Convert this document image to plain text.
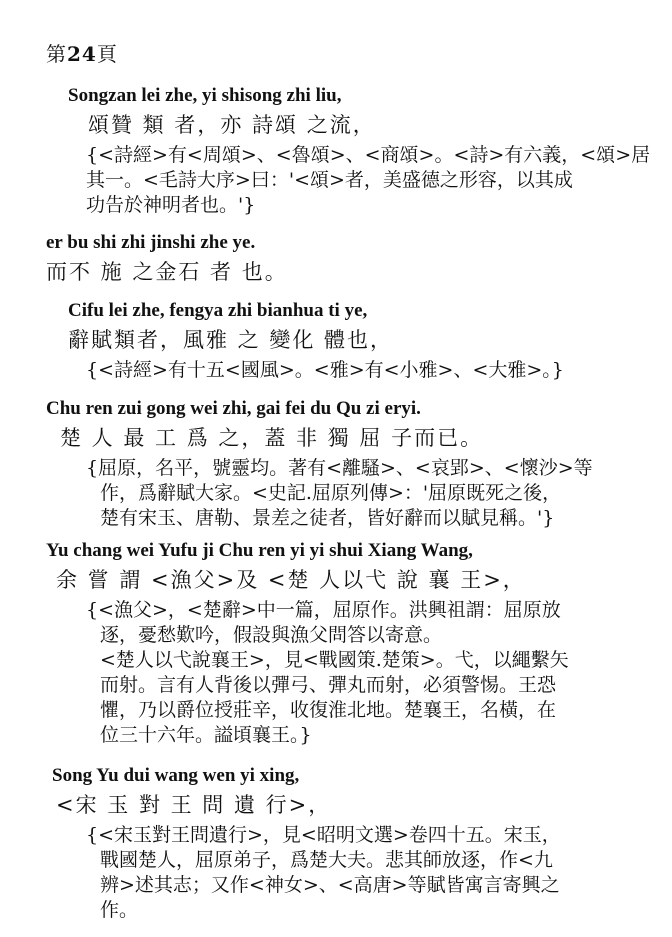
第24頁
Songzan lei zhe, yi shisong zhi liu,
頌贊 類 者，亦 詩頌 之流，

{<詩經>有<周頌>、<魯頌>、<商頌>。<詩>有六義，<頌>居

其一。<毛詩大序>曰：'<頌>者，美盛德之形容，以其成

功告於神明者也。'}

er bu shi zhi jinshi zhe ye.
而不 施 之金石 者 也。
Cifu lei zhe, fengya zhi bianhua ti ye,
辭賦類者，風雅 之 變化 體也，

{<詩經>有十五<國風>。<雅>有<小雅>、<大雅>。}

Chu ren zui gong wei zhi, gai fei du Qu zi eryi.
楚 人 最 工 爲 之，蓋 非 獨 屈 子而已。

{屈原，名平，號靈均。著有<離騷>、<哀郢>、<懷沙>等

作，爲辭賦大家。<史記.屈原列傳>：'屈原既死之後，

楚有宋玉、唐勒、景差之徒者，皆好辭而以賦見稱。'}

Yu chang wei Yufu ji Chu ren yi yi shui Xiang Wang,
余 嘗 謂 <漁父>及 <楚 人以弋 說 襄 王>，

{<漁父>，<楚辭>中一篇，屈原作。洪興祖謂：屈原放

逐，憂愁歎吟，假設與漁父問答以寄意。

<楚人以弋說襄王>，見<戰國策.楚策>。弋，以繩繫矢

而射。言有人背後以彈弓、彈丸而射，必須警惕。王恐

懼，乃以爵位授莊辛，收復淮北地。楚襄王，名橫，在

位三十六年。謚頃襄王。}

Song Yu dui wang wen yi xing,
<宋 玉 對 王 問 遺 行>，

{<宋玉對王問遺行>，見<昭明文選>卷四十五。宋玉，

戰國楚人，屈原弟子，爲楚大夫。悲其師放逐，作<九

辨>述其志；又作<神女>、<高唐>等賦皆寓言寄興之

作。
